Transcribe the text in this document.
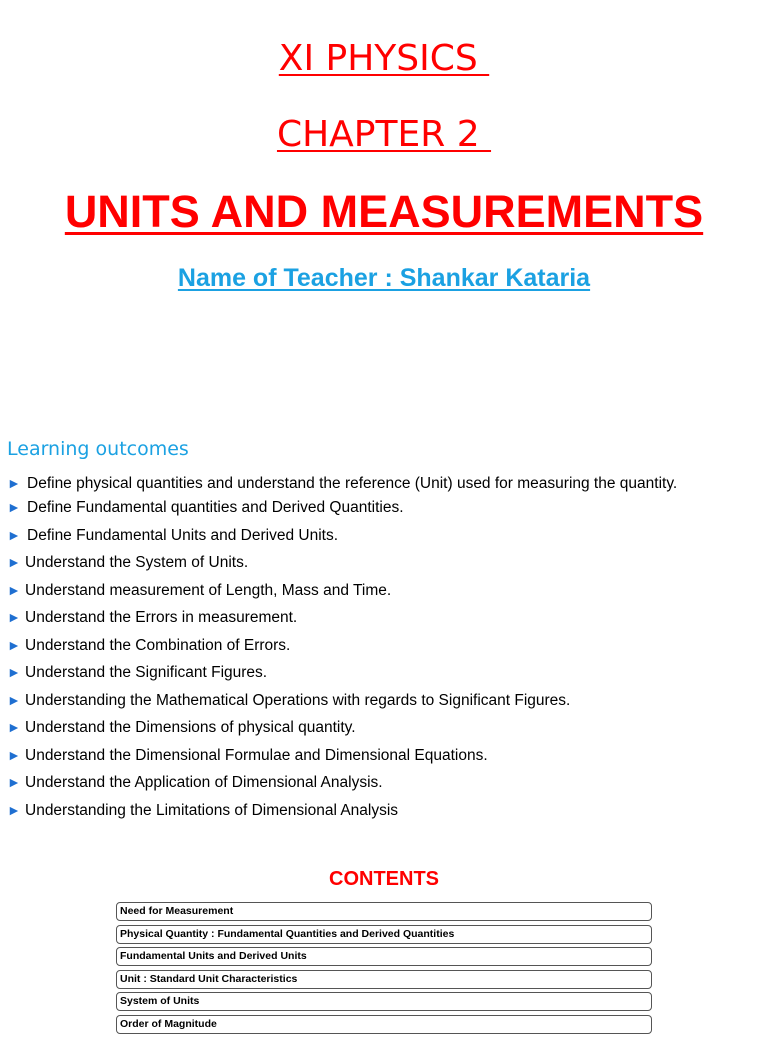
XI PHYSICS
CHAPTER 2
UNITS AND MEASUREMENTS
Name of Teacher : Shankar Kataria
Learning outcomes
► Define physical quantities and understand the reference (Unit) used for measuring the quantity.
► Define Fundamental quantities and Derived Quantities.
► Define Fundamental Units and Derived Units.
► Understand the System of Units.
► Understand measurement of Length, Mass and Time.
► Understand the Errors in measurement.
► Understand the Combination of Errors.
► Understand the Significant Figures.
► Understanding the Mathematical Operations with regards to Significant Figures.
► Understand the Dimensions of physical quantity.
► Understand the Dimensional Formulae and Dimensional Equations.
► Understand the Application of Dimensional Analysis.
► Understanding the Limitations of Dimensional Analysis
CONTENTS
Need for Measurement
Physical Quantity : Fundamental Quantities and Derived Quantities
Fundamental Units and Derived Units
Unit : Standard Unit Characteristics
System of Units
Order of Magnitude
